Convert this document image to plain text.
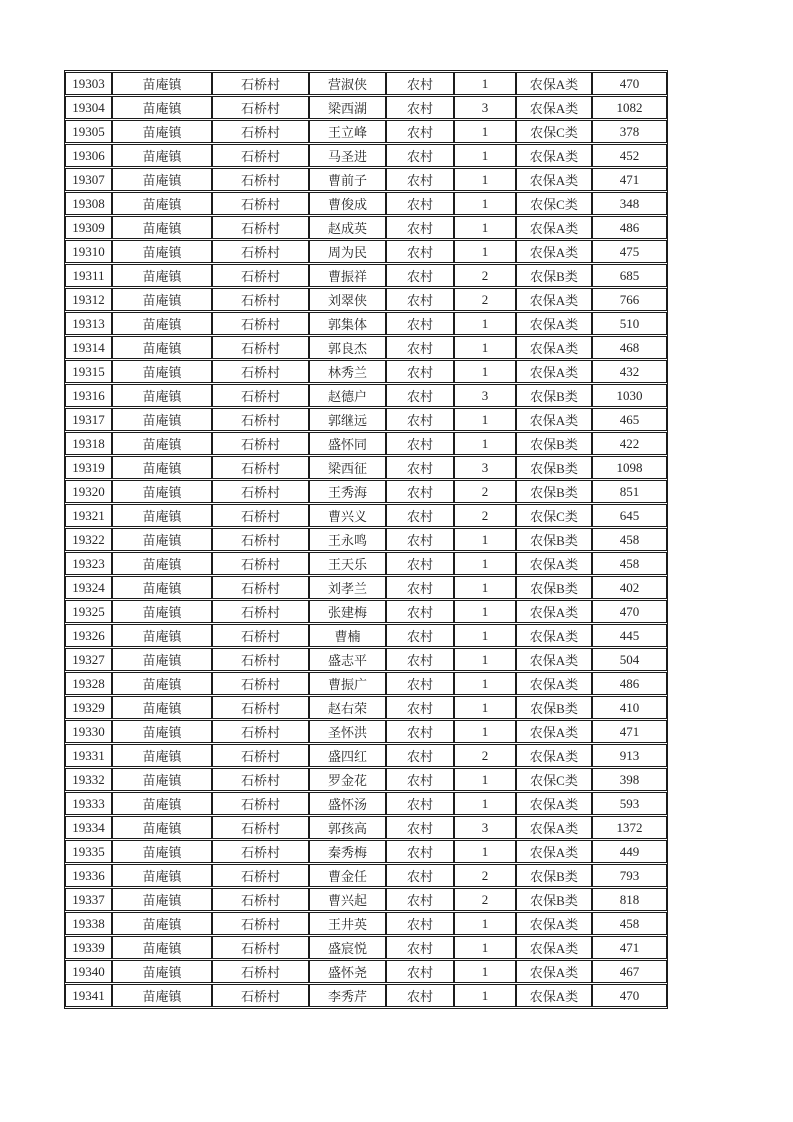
19303	苗庵镇	石桥村	营淑侠	农村	1	农保A类	470
19304	苗庵镇	石桥村	梁西湖	农村	3	农保A类	1082
19305	苗庵镇	石桥村	王立峰	农村	1	农保C类	378
19306	苗庵镇	石桥村	马圣进	农村	1	农保A类	452
19307	苗庵镇	石桥村	曹前子	农村	1	农保A类	471
19308	苗庵镇	石桥村	曹俊成	农村	1	农保C类	348
19309	苗庵镇	石桥村	赵成英	农村	1	农保A类	486
19310	苗庵镇	石桥村	周为民	农村	1	农保A类	475
19311	苗庵镇	石桥村	曹振祥	农村	2	农保B类	685
19312	苗庵镇	石桥村	刘翠侠	农村	2	农保A类	766
19313	苗庵镇	石桥村	郭集体	农村	1	农保A类	510
19314	苗庵镇	石桥村	郭良杰	农村	1	农保A类	468
19315	苗庵镇	石桥村	林秀兰	农村	1	农保A类	432
19316	苗庵镇	石桥村	赵德户	农村	3	农保B类	1030
19317	苗庵镇	石桥村	郭继远	农村	1	农保A类	465
19318	苗庵镇	石桥村	盛怀同	农村	1	农保B类	422
19319	苗庵镇	石桥村	梁西征	农村	3	农保B类	1098
19320	苗庵镇	石桥村	王秀海	农村	2	农保B类	851
19321	苗庵镇	石桥村	曹兴义	农村	2	农保C类	645
19322	苗庵镇	石桥村	王永鸣	农村	1	农保B类	458
19323	苗庵镇	石桥村	王天乐	农村	1	农保A类	458
19324	苗庵镇	石桥村	刘孝兰	农村	1	农保B类	402
19325	苗庵镇	石桥村	张建梅	农村	1	农保A类	470
19326	苗庵镇	石桥村	曹楠	农村	1	农保A类	445
19327	苗庵镇	石桥村	盛志平	农村	1	农保A类	504
19328	苗庵镇	石桥村	曹振广	农村	1	农保A类	486
19329	苗庵镇	石桥村	赵右荣	农村	1	农保B类	410
19330	苗庵镇	石桥村	圣怀洪	农村	1	农保A类	471
19331	苗庵镇	石桥村	盛四红	农村	2	农保A类	913
19332	苗庵镇	石桥村	罗金花	农村	1	农保C类	398
19333	苗庵镇	石桥村	盛怀汤	农村	1	农保A类	593
19334	苗庵镇	石桥村	郭孩高	农村	3	农保A类	1372
19335	苗庵镇	石桥村	秦秀梅	农村	1	农保A类	449
19336	苗庵镇	石桥村	曹金任	农村	2	农保B类	793
19337	苗庵镇	石桥村	曹兴起	农村	2	农保B类	818
19338	苗庵镇	石桥村	王井英	农村	1	农保A类	458
19339	苗庵镇	石桥村	盛宸悦	农村	1	农保A类	471
19340	苗庵镇	石桥村	盛怀尧	农村	1	农保A类	467
19341	苗庵镇	石桥村	李秀芹	农村	1	农保A类	470
